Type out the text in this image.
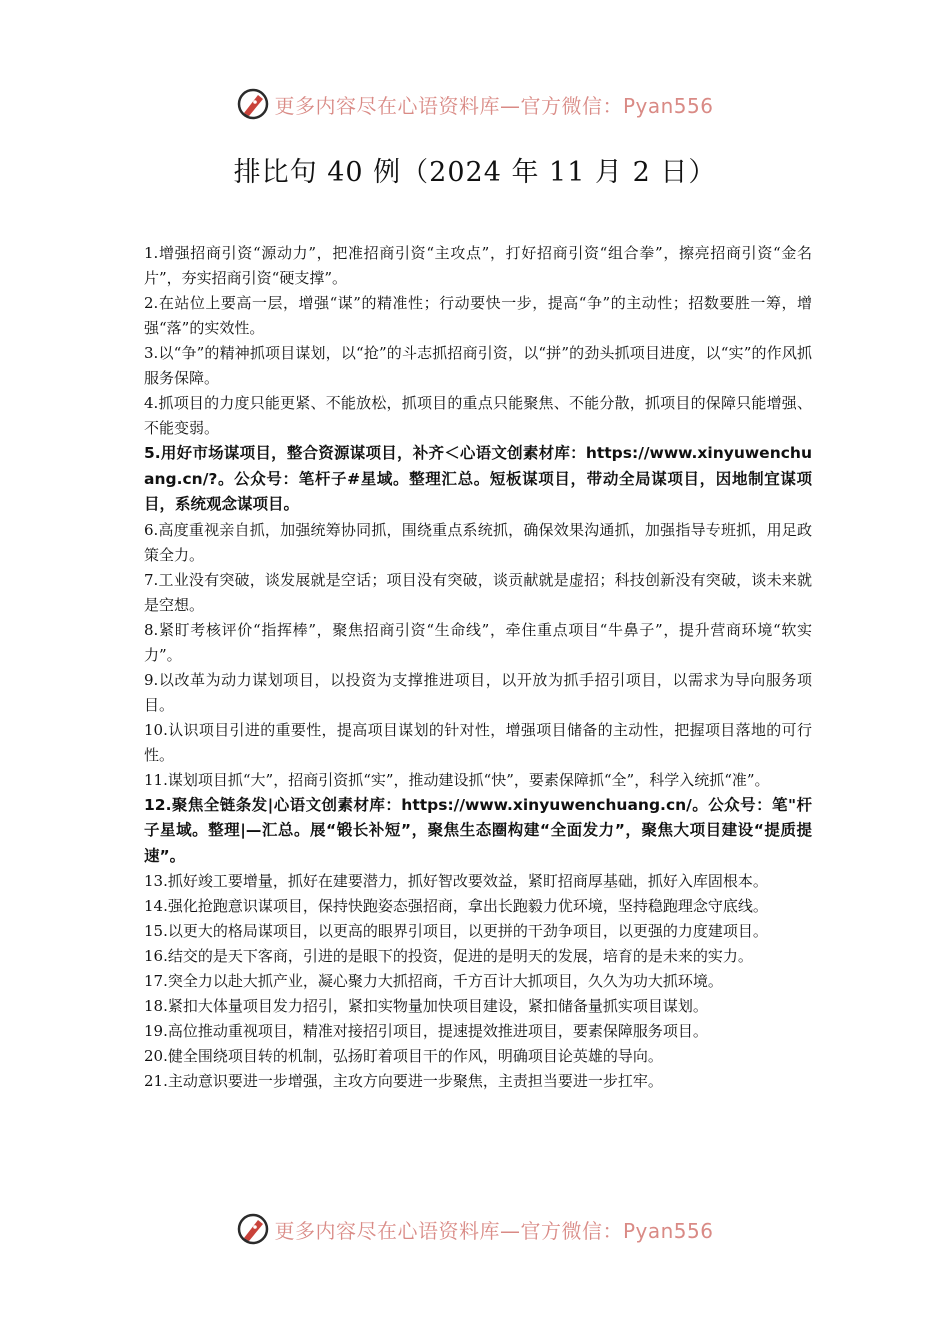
更多内容尽在心语资料库—官方微信：Pyan556
排比句 40 例（2024 年 11 月 2 日）

1.增强招商引资“源动力”，把准招商引资“主攻点”，打好招商引资“组合拳”，擦亮招商引资“金名片”，夯实招商引资“硬支撑”。

2.在站位上要高一层，增强“谋”的精准性；行动要快一步，提高“争”的主动性；招数要胜一筹，增强“落”的实效性。

3.以“争”的精神抓项目谋划，以“抢”的斗志抓招商引资，以“拼”的劲头抓项目进度，以“实”的作风抓服务保障。

4.抓项目的力度只能更紧、不能放松，抓项目的重点只能聚焦、不能分散，抓项目的保障只能增强、不能变弱。

5.用好市场谋项目，整合资源谋项目，补齐＜心语文创素材库：https://www.xinyuwenchuang.cn/?。公众号：笔杆子#星域。整理汇总。短板谋项目，带动全局谋项目，因地制宜谋项目，系统观念谋项目。

6.高度重视亲自抓，加强统筹协同抓，围绕重点系统抓，确保效果沟通抓，加强指导专班抓，用足政策全力。

7.工业没有突破，谈发展就是空话；项目没有突破，谈贡献就是虚招；科技创新没有突破，谈未来就是空想。

8.紧盯考核评价“指挥棒”，聚焦招商引资“生命线”，牵住重点项目“牛鼻子”，提升营商环境“软实力”。

9.以改革为动力谋划项目，以投资为支撑推进项目，以开放为抓手招引项目，以需求为导向服务项目。

10.认识项目引进的重要性，提高项目谋划的针对性，增强项目储备的主动性，把握项目落地的可行性。

11.谋划项目抓“大”，招商引资抓“实”，推动建设抓“快”，要素保障抓“全”，科学入统抓“准”。

12.聚焦全链条发|心语文创素材库：https://www.xinyuwenchuang.cn/。公众号：笔"杆子星域。整理|—汇总。展“锻长补短”，聚焦生态圈构建“全面发力”，聚焦大项目建设“提质提速”。

13.抓好竣工要增量，抓好在建要潜力，抓好智改要效益，紧盯招商厚基础，抓好入库固根本。

14.强化抢跑意识谋项目，保持快跑姿态强招商，拿出长跑毅力优环境，坚持稳跑理念守底线。

15.以更大的格局谋项目，以更高的眼界引项目，以更拼的干劲争项目，以更强的力度建项目。

16.结交的是天下客商，引进的是眼下的投资，促进的是明天的发展，培育的是未来的实力。

17.突全力以赴大抓产业，凝心聚力大抓招商，千方百计大抓项目，久久为功大抓环境。

18.紧扣大体量项目发力招引，紧扣实物量加快项目建设，紧扣储备量抓实项目谋划。

19.高位推动重视项目，精准对接招引项目，提速提效推进项目，要素保障服务项目。

20.健全围绕项目转的机制，弘扬盯着项目干的作风，明确项目论英雄的导向。

21.主动意识要进一步增强，主攻方向要进一步聚焦，主责担当要进一步扛牢。

更多内容尽在心语资料库—官方微信：Pyan556
